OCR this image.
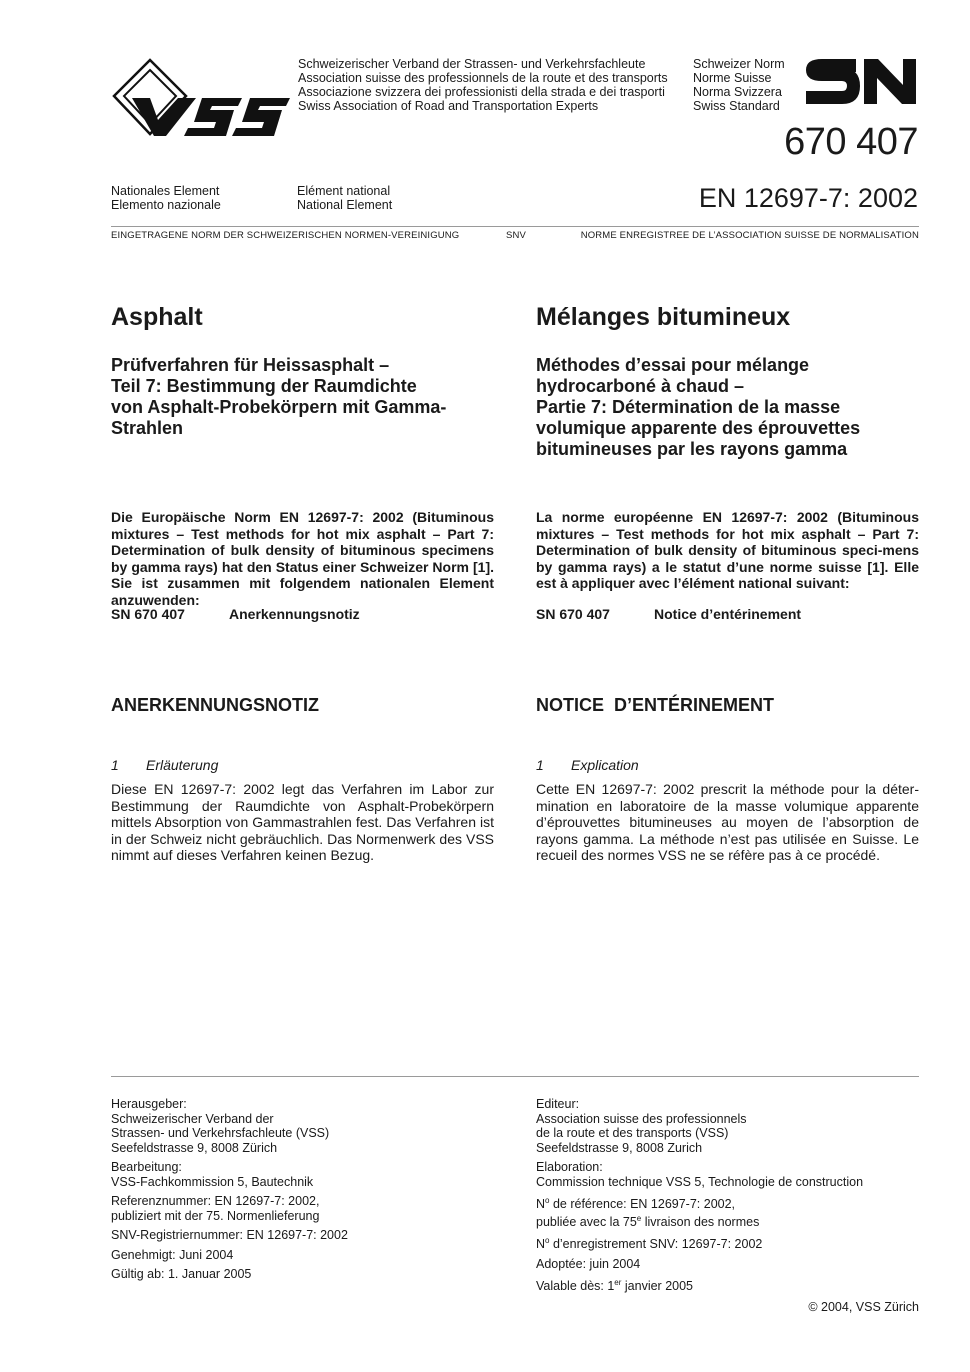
Schweizerischer Verband der Strassen- und Verkehrsfachleute
Association suisse des professionnels de la route et des transports
Associazione svizzera dei professionisti della strada e dei trasporti
Swiss Association of Road and Transportation Experts
Schweizer Norm
Norme Suisse
Norma Svizzera
Swiss Standard
670 407
Nationales Element
Elemento nazionale
Elément national
National Element	EN 12697-7: 2002
EINGETRAGENE NORM DER SCHWEIZERISCHEN NORMEN-VEREINIGUNG	SNV	NORME ENREGISTREE DE L’ASSOCIATION SUISSE DE NORMALISATION
Asphalt	Mélanges bitumineux
Prüfverfahren für Heissasphalt –
Teil 7: Bestimmung der Raumdichte
von Asphalt-Probekörpern mit Gamma-
Strahlen
Méthodes d’essai pour mélange
hydrocarboné à chaud –
Partie 7: Détermination de la masse
volumique apparente des éprouvettes
bitumineuses par les rayons gamma
Die Europäische Norm EN 12697-7: 2002 (Bituminous mixtures – Test methods for hot mix asphalt – Part 7: Determination of bulk density of bituminous specimens by gamma rays) hat den Status einer Schweizer Norm [1]. Sie ist zusammen mit folgendem nationalen Element anzuwenden:
SN 670 407	Anerkennungsnotiz
La norme européenne EN 12697-7: 2002 (Bituminous mixtures – Test methods for hot mix asphalt – Part 7: Determination of bulk density of bituminous speci-mens by gamma rays) a le statut d’une norme suisse [1]. Elle est à appliquer avec l’élément national suivant:
SN 670 407	Notice d’entérinement
ANERKENNUNGSNOTIZ	NOTICE  D’ENTÉRINEMENT
1 Erläuterung	1 Explication
Diese EN 12697-7: 2002 legt das Verfahren im Labor zur Bestimmung der Raumdichte von Asphalt-Probekörpern mittels Absorption von Gammastrahlen fest. Das Verfahren ist in der Schweiz nicht gebräuchlich. Das Normenwerk des VSS nimmt auf dieses Verfahren keinen Bezug.
Cette EN 12697-7: 2002 prescrit la méthode pour la déter-mination en laboratoire de la masse volumique apparente d’éprouvettes bitumineuses au moyen de l’absorption de rayons gamma. La méthode n’est pas utilisée en Suisse. Le recueil des normes VSS ne se réfère pas à ce procédé.
Herausgeber:
Schweizerischer Verband der
Strassen- und Verkehrsfachleute (VSS)
Seefeldstrasse 9, 8008 Zürich
Bearbeitung:
VSS-Fachkommission 5, Bautechnik
Referenznummer: EN 12697-7: 2002,
publiziert mit der 75. Normenlieferung
SNV-Registriernummer: EN 12697-7: 2002
Genehmigt: Juni 2004
Gültig ab: 1. Januar 2005
Editeur:
Association suisse des professionnels
de la route et des transports (VSS)
Seefeldstrasse 9, 8008 Zurich
Elaboration:
Commission technique VSS 5, Technologie de construction
$N^o$ de référence: EN 12697-7: 2002,
publiée avec la 75e livraison des normes
$N^o$ d’enregistrement SNV: 12697-7: 2002
Adoptée: juin 2004
Valable dès: 1er janvier 2005
© 2004, VSS Zürich
